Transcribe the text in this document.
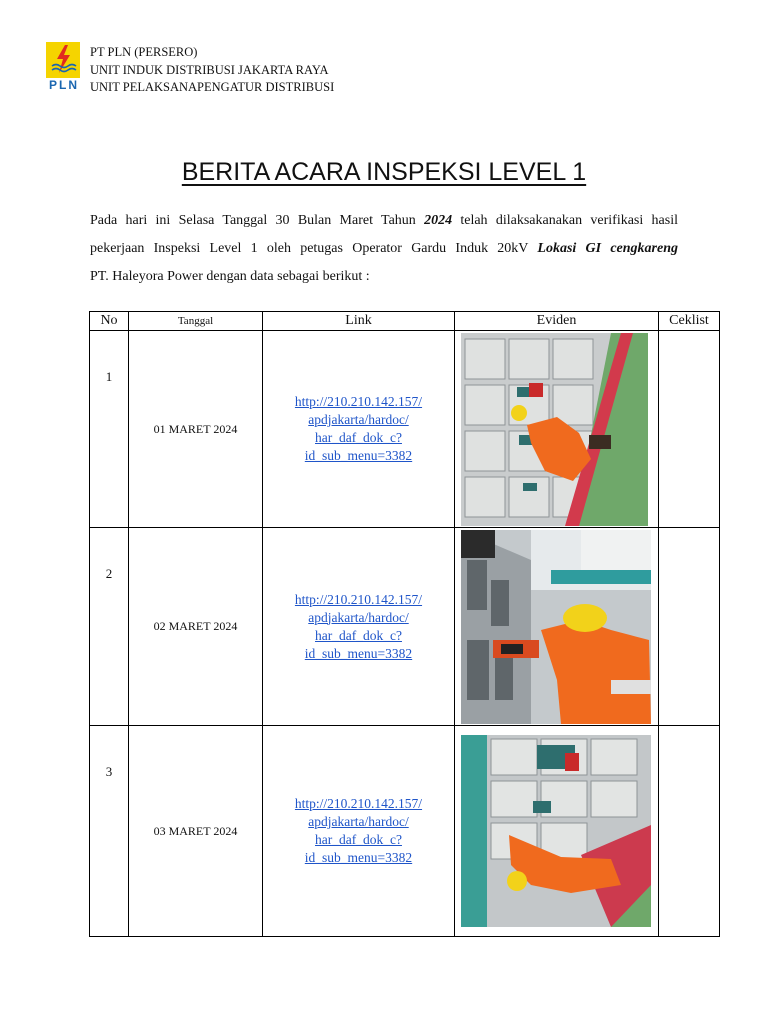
PLN
PT PLN (PERSERO)
UNIT INDUK DISTRIBUSI JAKARTA RAYA
UNIT PELAKSANAPENGATUR DISTRIBUSI
BERITA ACARA INSPEKSI LEVEL 1
Pada hari ini Selasa Tanggal 30 Bulan Maret Tahun 2024 telah dilaksakanakan verifikasi hasil
pekerjaan Inspeksi Level 1 oleh petugas Operator Gardu Induk 20kV Lokasi GI cengkareng
PT. Haleyora Power dengan data sebagai berikut :
No	Tanggal	Link	Eviden	Ceklist
1	01 MARET 2024	http://210.210.142.157/
apdjakarta/hardoc/
har_daf_dok_c?
id_sub_menu=3382	

2	02 MARET 2024	http://210.210.142.157/
apdjakarta/hardoc/
har_daf_dok_c?
id_sub_menu=3382	

3	03 MARET 2024	http://210.210.142.157/
apdjakarta/hardoc/
har_daf_dok_c?
id_sub_menu=3382	
